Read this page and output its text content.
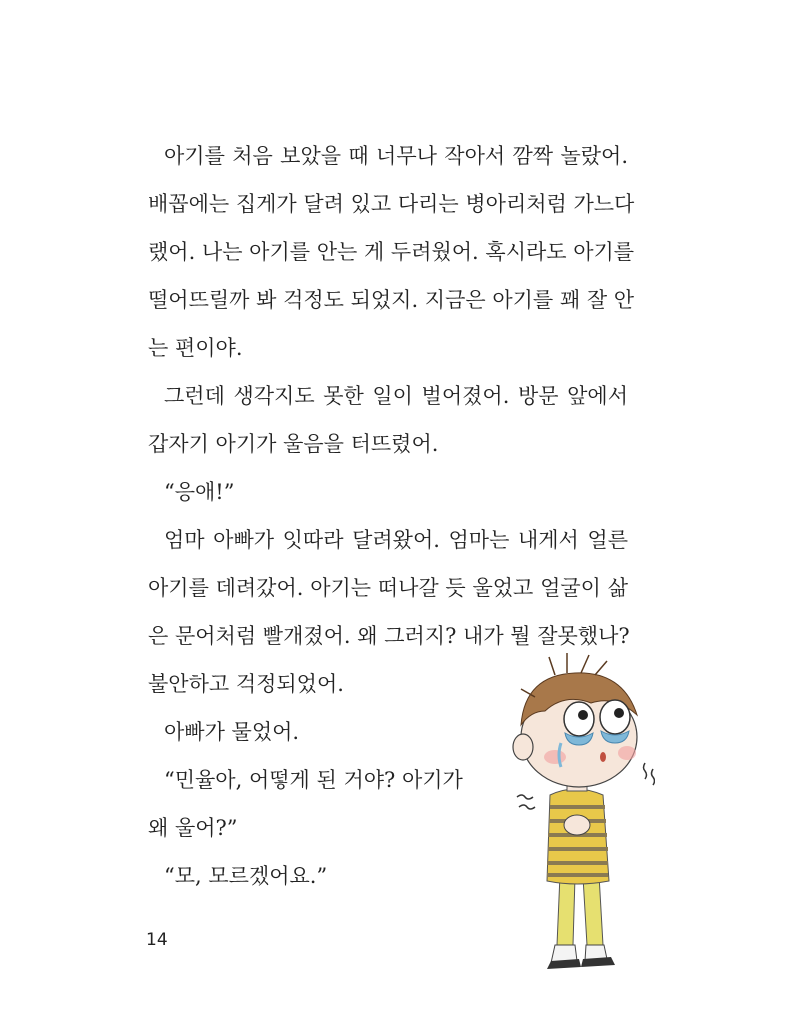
아기를 처음 보았을 때 너무나 작아서 깜짝 놀랐어.
배꼽에는 집게가 달려 있고 다리는 병아리처럼 가느다
랬어. 나는 아기를 안는 게 두려웠어. 혹시라도 아기를
떨어뜨릴까 봐 걱정도 되었지. 지금은 아기를 꽤 잘 안
는 편이야.
그런데 생각지도 못한 일이 벌어졌어. 방문 앞에서
갑자기 아기가 울음을 터뜨렸어.
“응애!”
엄마 아빠가 잇따라 달려왔어. 엄마는 내게서 얼른
아기를 데려갔어. 아기는 떠나갈 듯 울었고 얼굴이 삶
은 문어처럼 빨개졌어. 왜 그러지? 내가 뭘 잘못했나?
불안하고 걱정되었어.
아빠가 물었어.
“민율아, 어떻게 된 거야? 아기가
왜 울어?”
“모, 모르겠어요.”
14
